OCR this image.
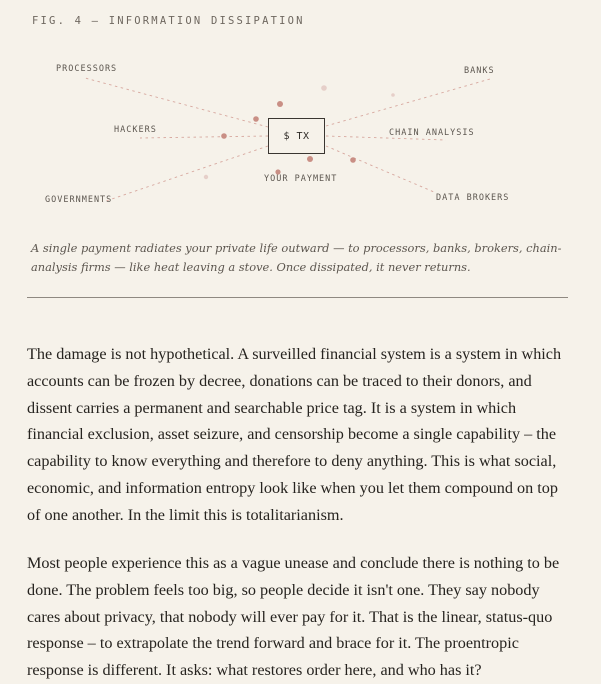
FIG. 4 — INFORMATION DISSIPATION
PROCESSORS	BANKS
HACKERS	CHAIN ANALYSIS
GOVERNMENTS	DATA BROKERS
$ TX
YOUR PAYMENT
A single payment radiates your private life outward — to processors, banks, brokers, chain-analysis firms — like heat leaving a stove. Once dissipated, it never returns.

The damage is not hypothetical. A surveilled financial system is a system in which accounts can be frozen by decree, donations can be traced to their donors, and dissent carries a permanent and searchable price tag. It is a system in which financial exclusion, asset seizure, and censorship become a single capability – the capability to know everything and therefore to deny anything. This is what social, economic, and information entropy look like when you let them compound on top of one another. In the limit this is totalitarianism.

Most people experience this as a vague unease and conclude there is nothing to be done. The problem feels too big, so people decide it isn't one. They say nobody cares about privacy, that nobody will ever pay for it. That is the linear, status-quo response – to extrapolate the trend forward and brace for it. The proentropic response is different. It asks: what restores order here, and who has it?
